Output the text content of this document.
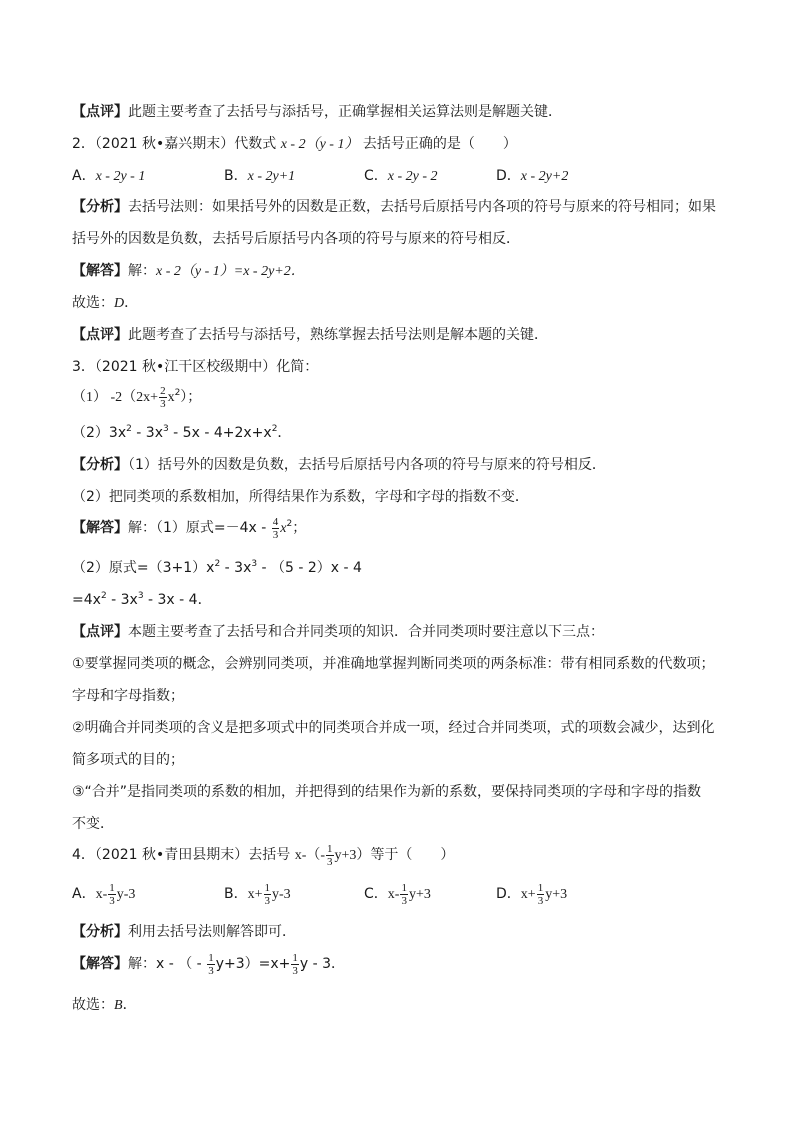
【点评】此题主要考查了去括号与添括号，正确掌握相关运算法则是解题关键．
2．（2021 秋•嘉兴期末）代数式 x - 2（y - 1） 去括号正确的是（　　）
A．x - 2y - 1	B．x - 2y+1	C．x - 2y - 2	D．x - 2y+2
【分析】去括号法则：如果括号外的因数是正数，去括号后原括号内各项的符号与原来的符号相同；如果
括号外的因数是负数，去括号后原括号内各项的符号与原来的符号相反．
【解答】解：x - 2（y - 1）=x - 2y+2．
故选：D．
【点评】此题考查了去括号与添括号，熟练掌握去括号法则是解本题的关键．
3．（2021 秋•江干区校级期中）化简：
（1） $-2(2x+ \frac{2}{3} x^2)$；
$(2)3x^2 - 3x^3 - 5x - 4+2x+x^2$．
【分析】（1）括号外的因数是负数，去括号后原括号内各项的符号与原来的符号相反．
（2）把同类项的系数相加，所得结果作为系数，字母和字母的指数不变．
【解答】解：（1）原式$=-4x - \frac{4}{3} x^2$；
（2）原式$=(3+1)x^2 - 3x^3 - (5 - 2)x - 4$
$=4x^2 - 3x^3 - 3x - 4$．
【点评】本题主要考查了去括号和合并同类项的知识．合并同类项时要注意以下三点：
①要掌握同类项的概念，会辨别同类项，并准确地掌握判断同类项的两条标准：带有相同系数的代数项；
字母和字母指数；
②明确合并同类项的含义是把多项式中的同类项合并成一项，经过合并同类项，式的项数会减少，达到化
简多项式的目的；
③“合并”是指同类项的系数的相加，并把得到的结果作为新的系数，要保持同类项的字母和字母的指数
不变．
4．（2021 秋•青田县期末）去括号 $x-(- \frac{1}{3} y+3)$等于（　　）
A．$x- \frac{1}{3} y-3$	B．$x+ \frac{1}{3} y-3$	C．$x- \frac{1}{3} y+3$	D．$x+ \frac{1}{3} y+3$
【分析】利用去括号法则解答即可．
【解答】解：x - （ - $\frac{1}{3} y+3)=x+ \frac{1}{3}$ y - 3．
故选：B．
